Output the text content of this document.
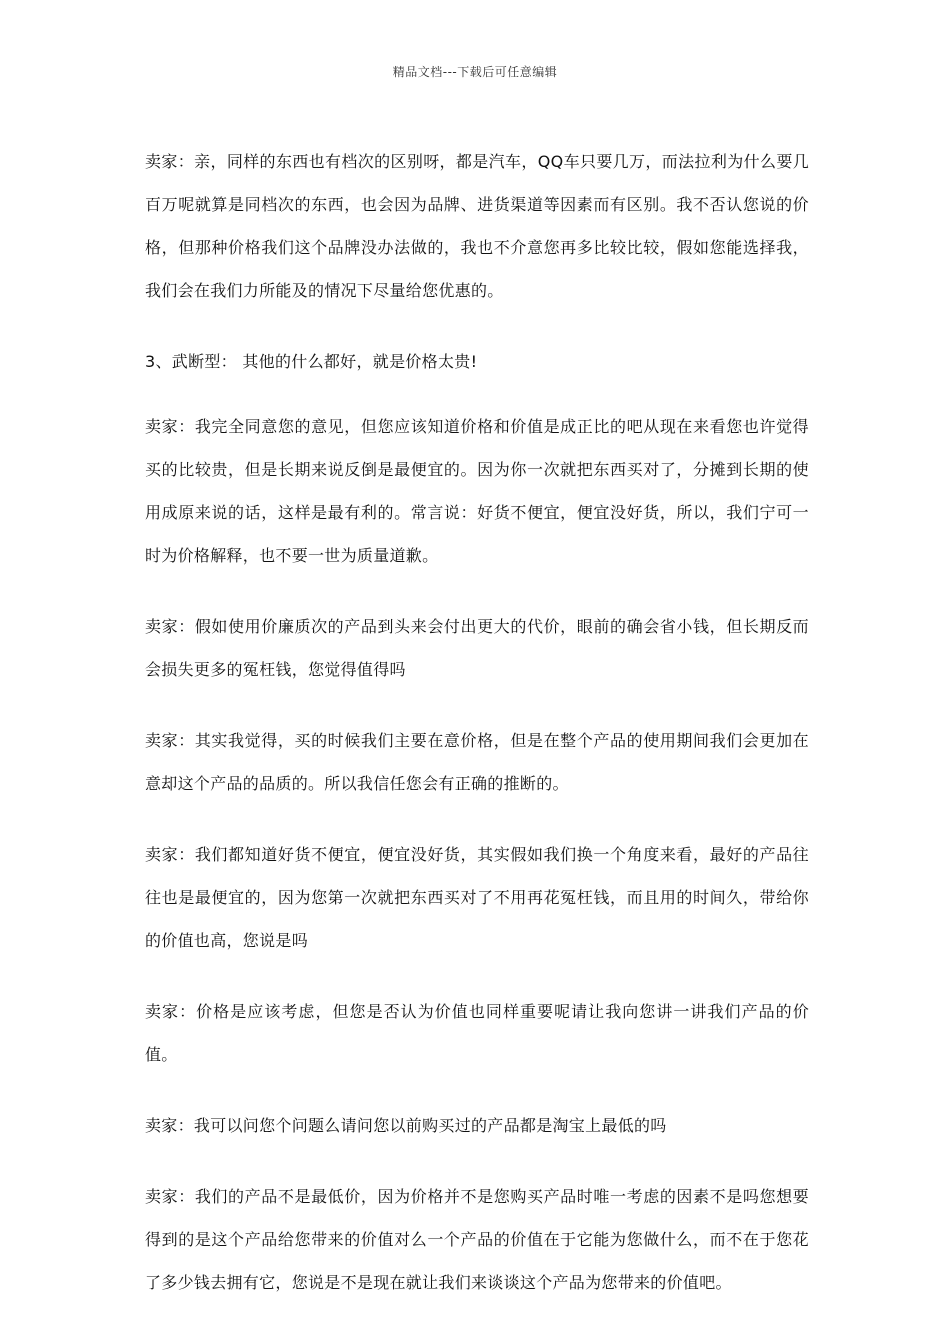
精品文档---下载后可任意编辑

卖家：亲，同样的东西也有档次的区别呀，都是汽车，QQ车只要几万，而法拉利为什么要几百万呢就算是同档次的东西，也会因为品牌、进货渠道等因素而有区别。我不否认您说的价格，但那种价格我们这个品牌没办法做的，我也不介意您再多比较比较，假如您能选择我，我们会在我们力所能及的情况下尽量给您优惠的。

3、武断型： 其他的什么都好，就是价格太贵!

卖家：我完全同意您的意见，但您应该知道价格和价值是成正比的吧从现在来看您也许觉得买的比较贵，但是长期来说反倒是最便宜的。因为你一次就把东西买对了，分摊到长期的使用成原来说的话，这样是最有利的。常言说：好货不便宜，便宜没好货，所以，我们宁可一时为价格解释，也不要一世为质量道歉。

卖家：假如使用价廉质次的产品到头来会付出更大的代价，眼前的确会省小钱，但长期反而会损失更多的冤枉钱，您觉得值得吗

卖家：其实我觉得，买的时候我们主要在意价格，但是在整个产品的使用期间我们会更加在意却这个产品的品质的。所以我信任您会有正确的推断的。

卖家：我们都知道好货不便宜，便宜没好货，其实假如我们换一个角度来看，最好的产品往往也是最便宜的，因为您第一次就把东西买对了不用再花冤枉钱，而且用的时间久，带给你的价值也高，您说是吗

卖家：价格是应该考虑，但您是否认为价值也同样重要呢请让我向您讲一讲我们产品的价值。

卖家：我可以问您个问题么请问您以前购买过的产品都是淘宝上最低的吗

卖家：我们的产品不是最低价，因为价格并不是您购买产品时唯一考虑的因素不是吗您想要得到的是这个产品给您带来的价值对么一个产品的价值在于它能为您做什么，而不在于您花了多少钱去拥有它，您说是不是现在就让我们来谈谈这个产品为您带来的价值吧。
